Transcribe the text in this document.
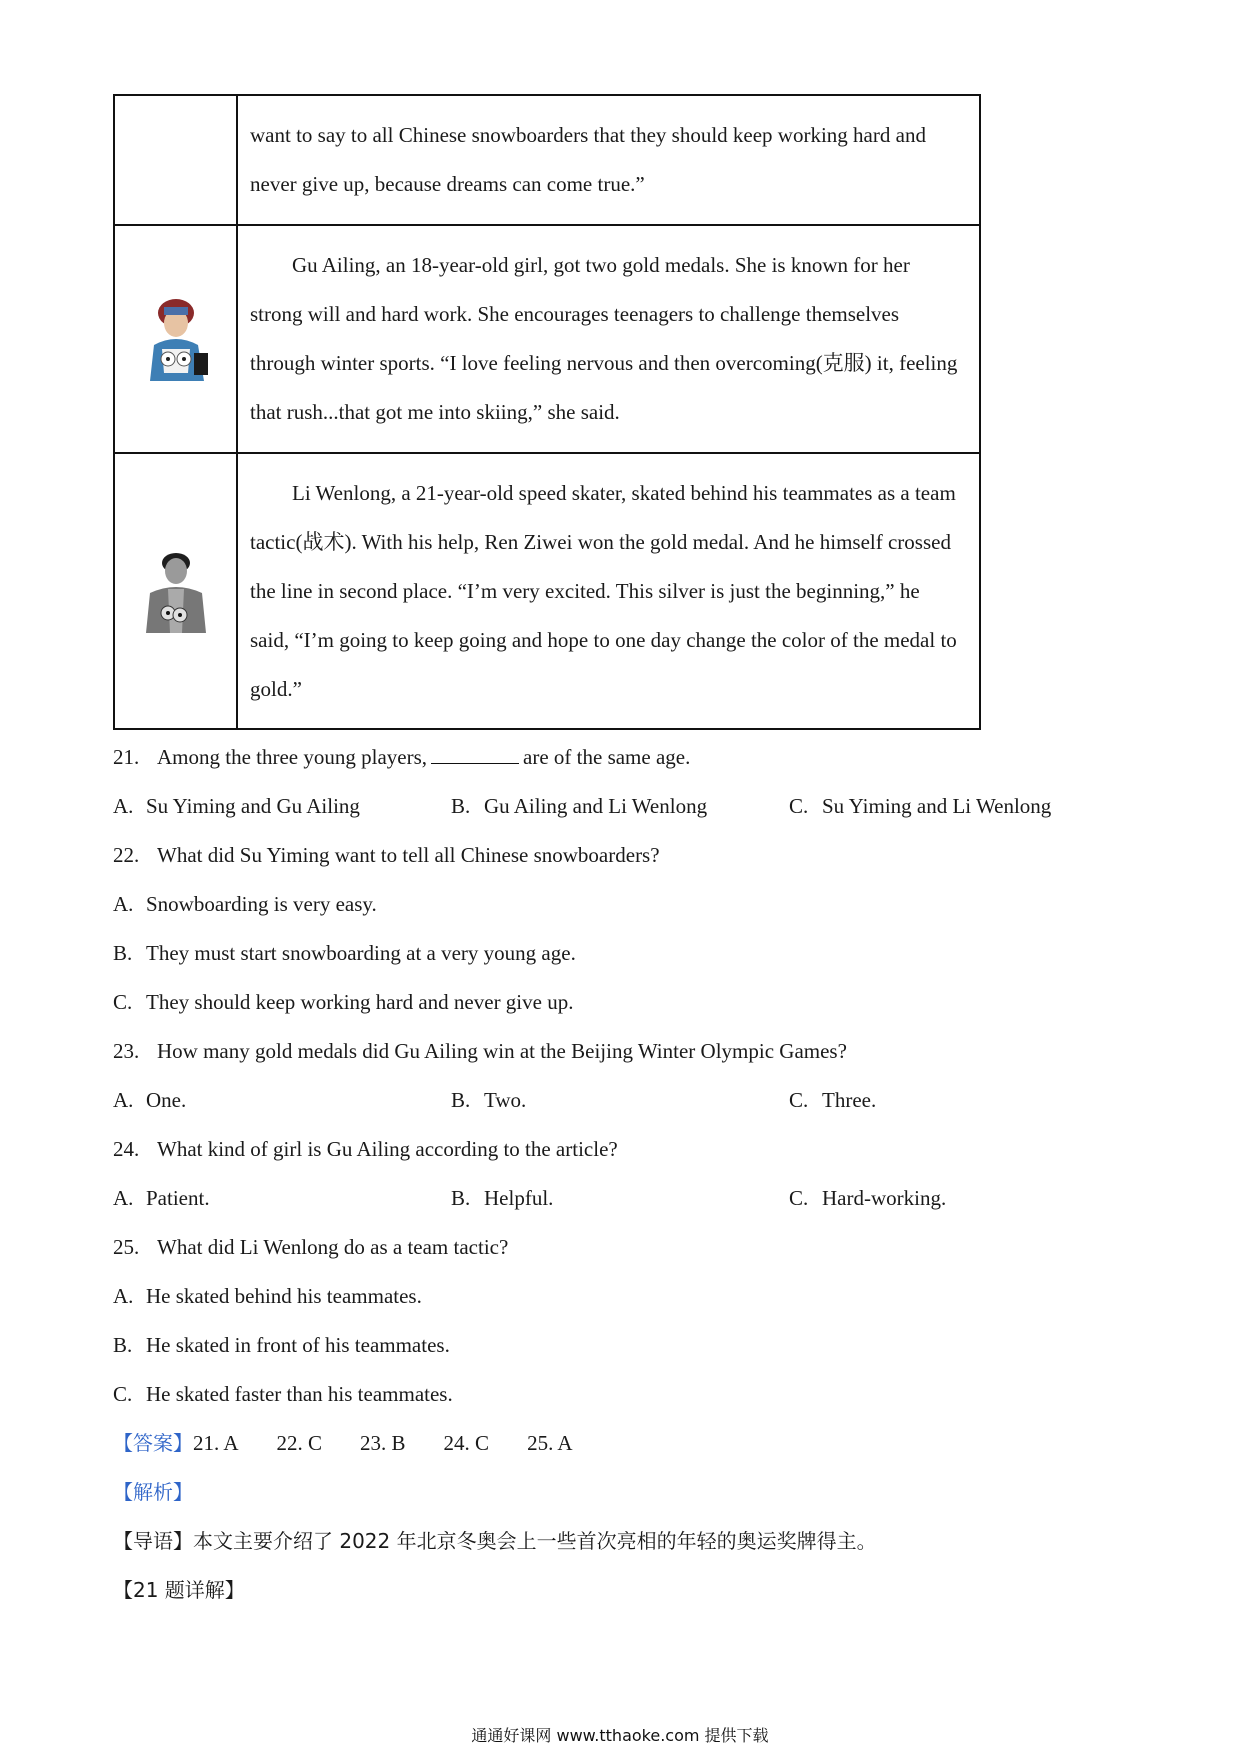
	want to say to all Chinese snowboarders that they should keep working hard and never give up, because dreams can come true.”

Gu Ailing, an 18-year-old girl, got two gold medals. She is known for her strong will and hard work. She encourages teenagers to challenge themselves through winter sports. “I love feeling nervous and then overcoming(克服) it, feeling that rush...that got me into skiing,” she said.

Li Wenlong, a 21-year-old speed skater, skated behind his teammates as a team tactic(战术). With his help, Ren Ziwei won the gold medal. And he himself crossed the line in second place. “I’m very excited. This silver is just the beginning,” he said, “I’m going to keep going and hope to one day change the color of the medal to gold.”

21. Among the three young players,	are of the same age.
A. Su Yiming and Gu Ailing	B. Gu Ailing and Li Wenlong	C. Su Yiming and Li Wenlong
22. What did Su Yiming want to tell all Chinese snowboarders?
A. Snowboarding is very easy.
B. They must start snowboarding at a very young age.
C. They should keep working hard and never give up.
23. How many gold medals did Gu Ailing win at the Beijing Winter Olympic Games?
A. One.	B. Two.	C. Three.
24. What kind of girl is Gu Ailing according to the article?
A. Patient.	B. Helpful.	C. Hard-working.
25. What did Li Wenlong do as a team tactic?
A. He skated behind his teammates.
B. He skated in front of his teammates.
C. He skated faster than his teammates.
【答案】21. A 22. C 23. B 24. C 25. A
【解析】
【导语】本文主要介绍了 2022 年北京冬奥会上一些首次亮相的年轻的奥运奖牌得主。
【21 题详解】
通通好课网 www.tthaoke.com 提供下载
